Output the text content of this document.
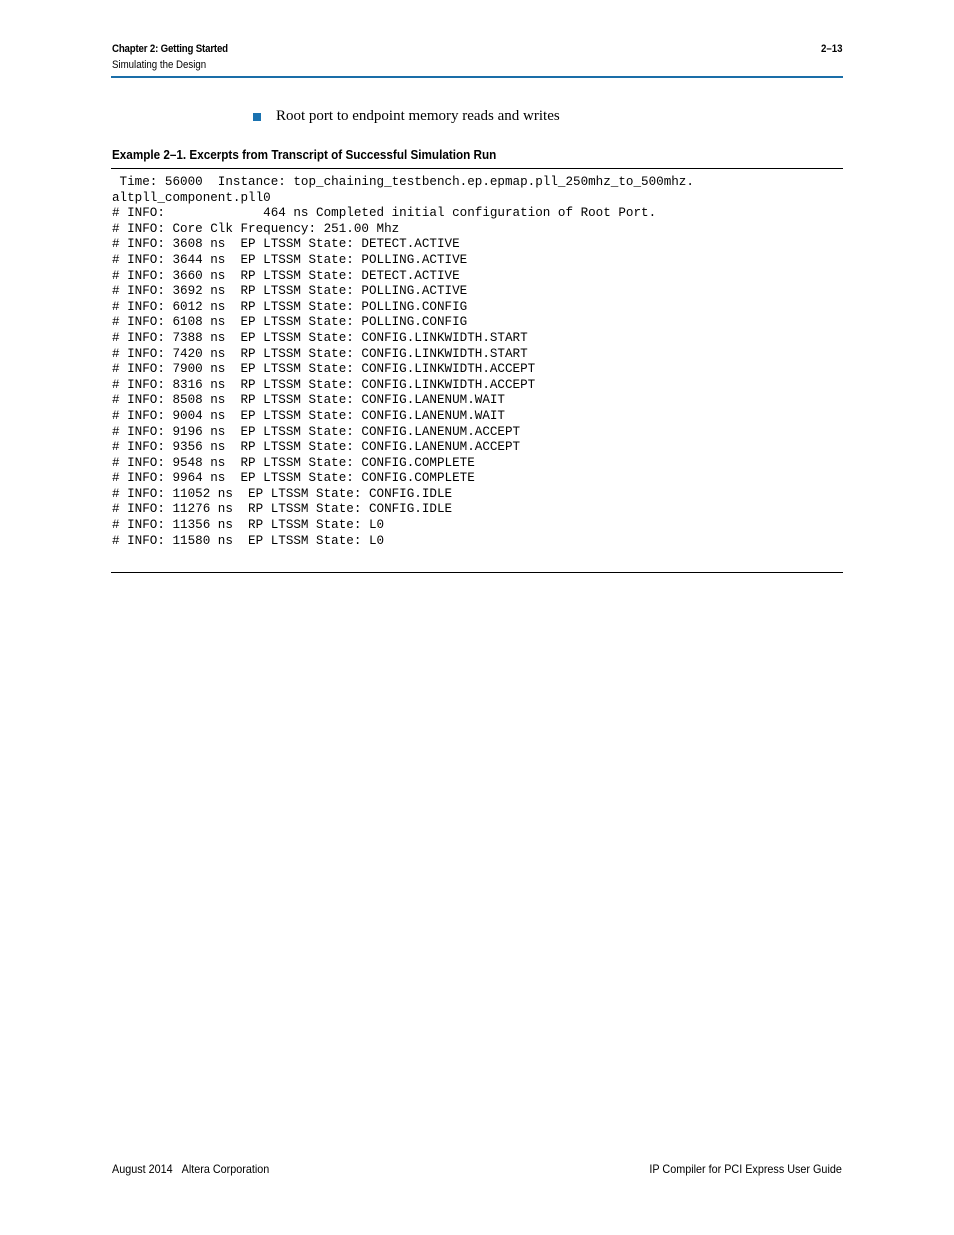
Chapter 2: Getting Started	2–13
Simulating the Design
Root port to endpoint memory reads and writes
Example 2–1. Excerpts from Transcript of Successful Simulation Run
Time: 56000  Instance: top_chaining_testbench.ep.epmap.pll_250mhz_to_500mhz.
altpll_component.pll0
# INFO:             464 ns Completed initial configuration of Root Port.
# INFO: Core Clk Frequency: 251.00 Mhz
# INFO: 3608 ns  EP LTSSM State: DETECT.ACTIVE
# INFO: 3644 ns  EP LTSSM State: POLLING.ACTIVE
# INFO: 3660 ns  RP LTSSM State: DETECT.ACTIVE
# INFO: 3692 ns  RP LTSSM State: POLLING.ACTIVE
# INFO: 6012 ns  RP LTSSM State: POLLING.CONFIG
# INFO: 6108 ns  EP LTSSM State: POLLING.CONFIG
# INFO: 7388 ns  EP LTSSM State: CONFIG.LINKWIDTH.START
# INFO: 7420 ns  RP LTSSM State: CONFIG.LINKWIDTH.START
# INFO: 7900 ns  EP LTSSM State: CONFIG.LINKWIDTH.ACCEPT
# INFO: 8316 ns  RP LTSSM State: CONFIG.LINKWIDTH.ACCEPT
# INFO: 8508 ns  RP LTSSM State: CONFIG.LANENUM.WAIT
# INFO: 9004 ns  EP LTSSM State: CONFIG.LANENUM.WAIT
# INFO: 9196 ns  EP LTSSM State: CONFIG.LANENUM.ACCEPT
# INFO: 9356 ns  RP LTSSM State: CONFIG.LANENUM.ACCEPT
# INFO: 9548 ns  RP LTSSM State: CONFIG.COMPLETE
# INFO: 9964 ns  EP LTSSM State: CONFIG.COMPLETE
# INFO: 11052 ns  EP LTSSM State: CONFIG.IDLE
# INFO: 11276 ns  RP LTSSM State: CONFIG.IDLE
# INFO: 11356 ns  RP LTSSM State: L0
# INFO: 11580 ns  EP LTSSM State: L0
August 2014 Altera Corporation	IP Compiler for PCI Express User Guide
